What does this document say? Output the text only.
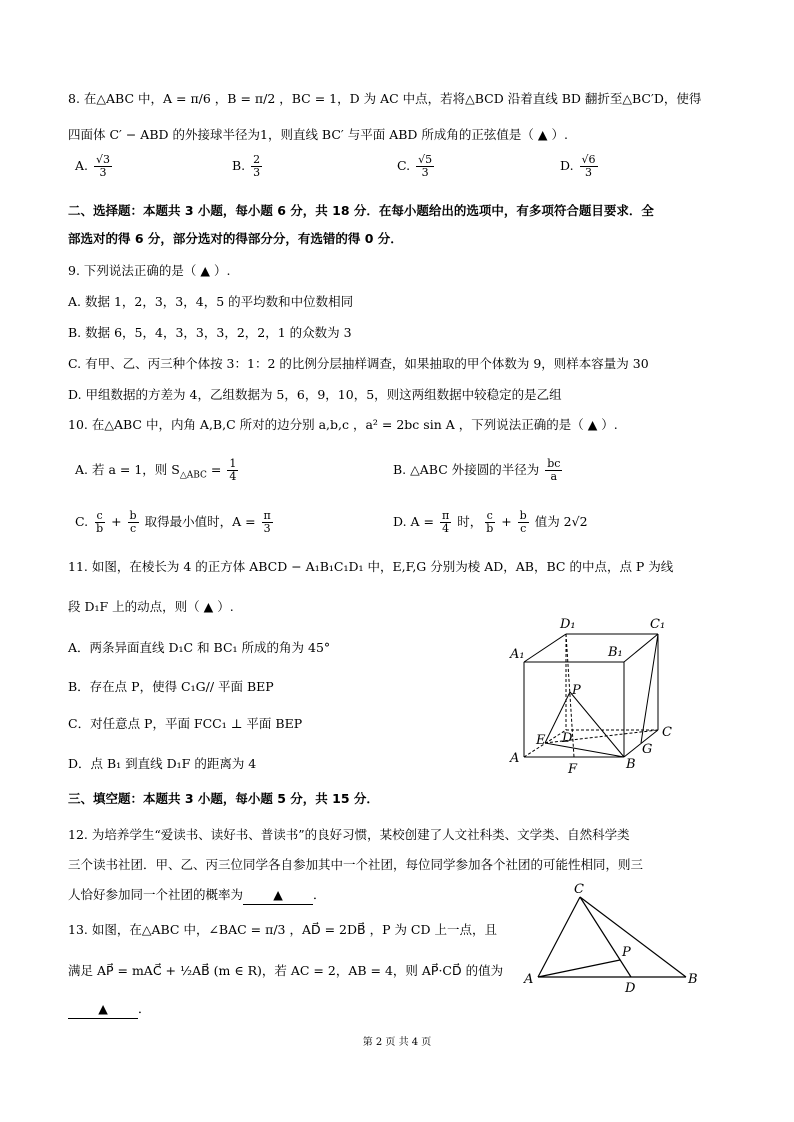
8. 在△ABC 中，A = π/6 ，B = π/2 ，BC = 1，D 为 AC 中点，若将△BCD 沿着直线 BD 翻折至△BC′D，使得
四面体 C′ − ABD 的外接球半径为1，则直线 BC′ 与平面 ABD 所成角的正弦值是（ ▲ ）.
A. $\frac{√3}{3}$	B. $\frac{2}{3}$	C. $\frac{√5}{3}$	D. $\frac{√6}{3}$
二、选择题：本题共 3 小题，每小题 6 分，共 18 分．在每小题给出的选项中，有多项符合题目要求．全
部选对的得 6 分，部分选对的得部分分，有选错的得 0 分．
9. 下列说法正确的是（ ▲ ）.
A. 数据 1，2，3，3，4，5 的平均数和中位数相同
B. 数据 6，5，4，3，3，3，2，2，1 的众数为 3
C. 有甲、乙、丙三种个体按 3：1：2 的比例分层抽样调查，如果抽取的甲个体数为 9，则样本容量为 30
D. 甲组数据的方差为 4，乙组数据为 5，6，9，10，5，则这两组数据中较稳定的是乙组
10. 在△ABC 中，内角 A,B,C 所对的边分别 a,b,c ，a² = 2bc sin A ，下列说法正确的是（ ▲ ）.
A. 若 a = 1，则 $S_{\triangle ABC} = \frac{1}{4}$	B. △ABC 外接圆的半径为 $\frac{bc}{a}$
C. $\frac{c}{b} + \frac{b}{c}$ 取得最小值时，$A = \frac{\pi}{3}$	D. $A = \frac{\pi}{4}$ 时， $\frac{c}{b} + \frac{b}{c}$ 值为 2√2
11. 如图，在棱长为 4 的正方体 ABCD − A₁B₁C₁D₁ 中，E,F,G 分别为棱 AD，AB，BC 的中点，点 P 为线
段 D₁F 上的动点，则（ ▲ ）.
A．两条异面直线 D₁C 和 BC₁ 所成的角为 45°
B．存在点 P，使得 C₁G// 平面 BEP
C．对任意点 P，平面 FCC₁ ⊥ 平面 BEP
D．点 B₁ 到直线 D₁F 的距离为 4
D₁	C₁
A₁	B₁
P
A	B
C
D
E
F
G
三、填空题：本题共 3 小题，每小题 5 分，共 15 分．
12. 为培养学生“爱读书、读好书、普读书”的良好习惯，某校创建了人文社科类、文学类、自然科学类
三个读书社团．甲、乙、丙三位同学各自参加其中一个社团，每位同学参加各个社团的可能性相同，则三
人恰好参加同一个社团的概率为 ▲ ．
13. 如图，在△ABC 中，∠BAC = π/3 ，AD⃗ = 2DB⃗ ，P 为 CD 上一点，且
满足 AP⃗ = mAC⃗ + ½AB⃗ (m ∈ R)，若 AC = 2，AB = 4，则 AP⃗·CD⃗ 的值为
▲ ．
C
P
A
D
B
第 2 页 共 4 页
